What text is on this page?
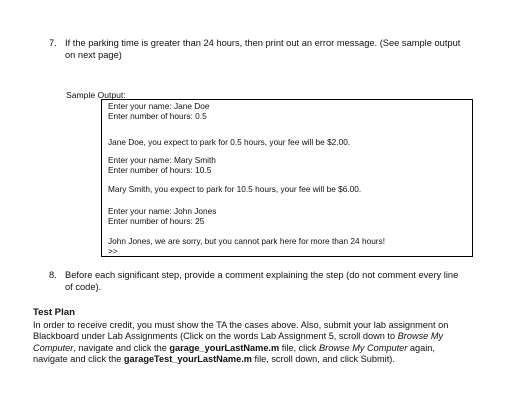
7. If the parking time is greater than 24 hours, then print out an error message. (See sample output
on next page)
Sample Output:
Enter your name: Jane Doe
Enter number of hours: 0.5
Jane Doe, you expect to park for 0.5 hours, your fee will be $2.00.
Enter your name: Mary Smith
Enter number of hours: 10.5
Mary Smith, you expect to park for 10.5 hours, your fee will be $6.00.
Enter your name: John Jones
Enter number of hours: 25
John Jones, we are sorry, but you cannot park here for more than 24 hours!
>>
8. Before each significant step, provide a comment explaining the step (do not comment every line
of code).
Test Plan
In order to receive credit, you must show the TA the cases above. Also, submit your lab assignment on
Blackboard under Lab Assignments (Click on the words Lab Assignment 5, scroll down to Browse My
Computer, navigate and click the garage_yourLastName.m file, click Browse My Computer again,
navigate and click the garageTest_yourLastName.m file, scroll down, and click Submit).
